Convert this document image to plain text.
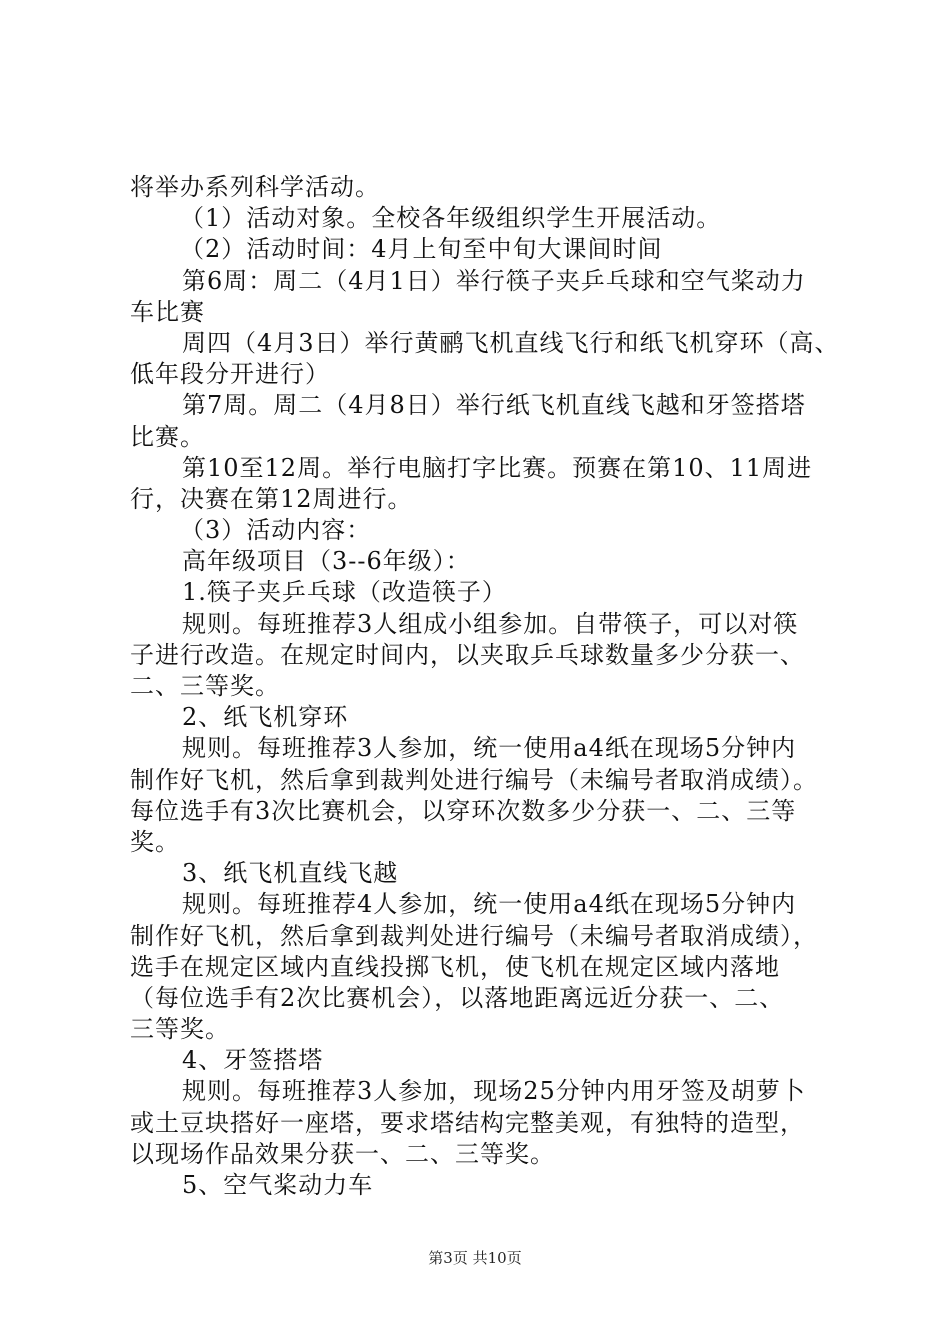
将举办系列科学活动。
（1）活动对象。全校各年级组织学生开展活动。
（2）活动时间：4月上旬至中旬大课间时间
第6周：周二（4月1日）举行筷子夹乒乓球和空气桨动力
车比赛
周四（4月3日）举行黄鹂飞机直线飞行和纸飞机穿环（高、
低年段分开进行）
第7周。周二（4月8日）举行纸飞机直线飞越和牙签搭塔
比赛。
第10至12周。举行电脑打字比赛。预赛在第10、11周进
行，决赛在第12周进行。
（3）活动内容：
高年级项目（3--6年级）：
1.筷子夹乒乓球（改造筷子）
规则。每班推荐3人组成小组参加。自带筷子，可以对筷
子进行改造。在规定时间内，以夹取乒乓球数量多少分获一、
二、三等奖。
2、纸飞机穿环
规则。每班推荐3人参加，统一使用a4纸在现场5分钟内
制作好飞机，然后拿到裁判处进行编号（未编号者取消成绩）。
每位选手有3次比赛机会，以穿环次数多少分获一、二、三等
奖。
3、纸飞机直线飞越
规则。每班推荐4人参加，统一使用a4纸在现场5分钟内
制作好飞机，然后拿到裁判处进行编号（未编号者取消成绩），
选手在规定区域内直线投掷飞机，使飞机在规定区域内落地
（每位选手有2次比赛机会），以落地距离远近分获一、二、
三等奖。
4、牙签搭塔
规则。每班推荐3人参加，现场25分钟内用牙签及胡萝卜
或土豆块搭好一座塔，要求塔结构完整美观，有独特的造型，
以现场作品效果分获一、二、三等奖。
5、空气桨动力车
第3页 共10页
